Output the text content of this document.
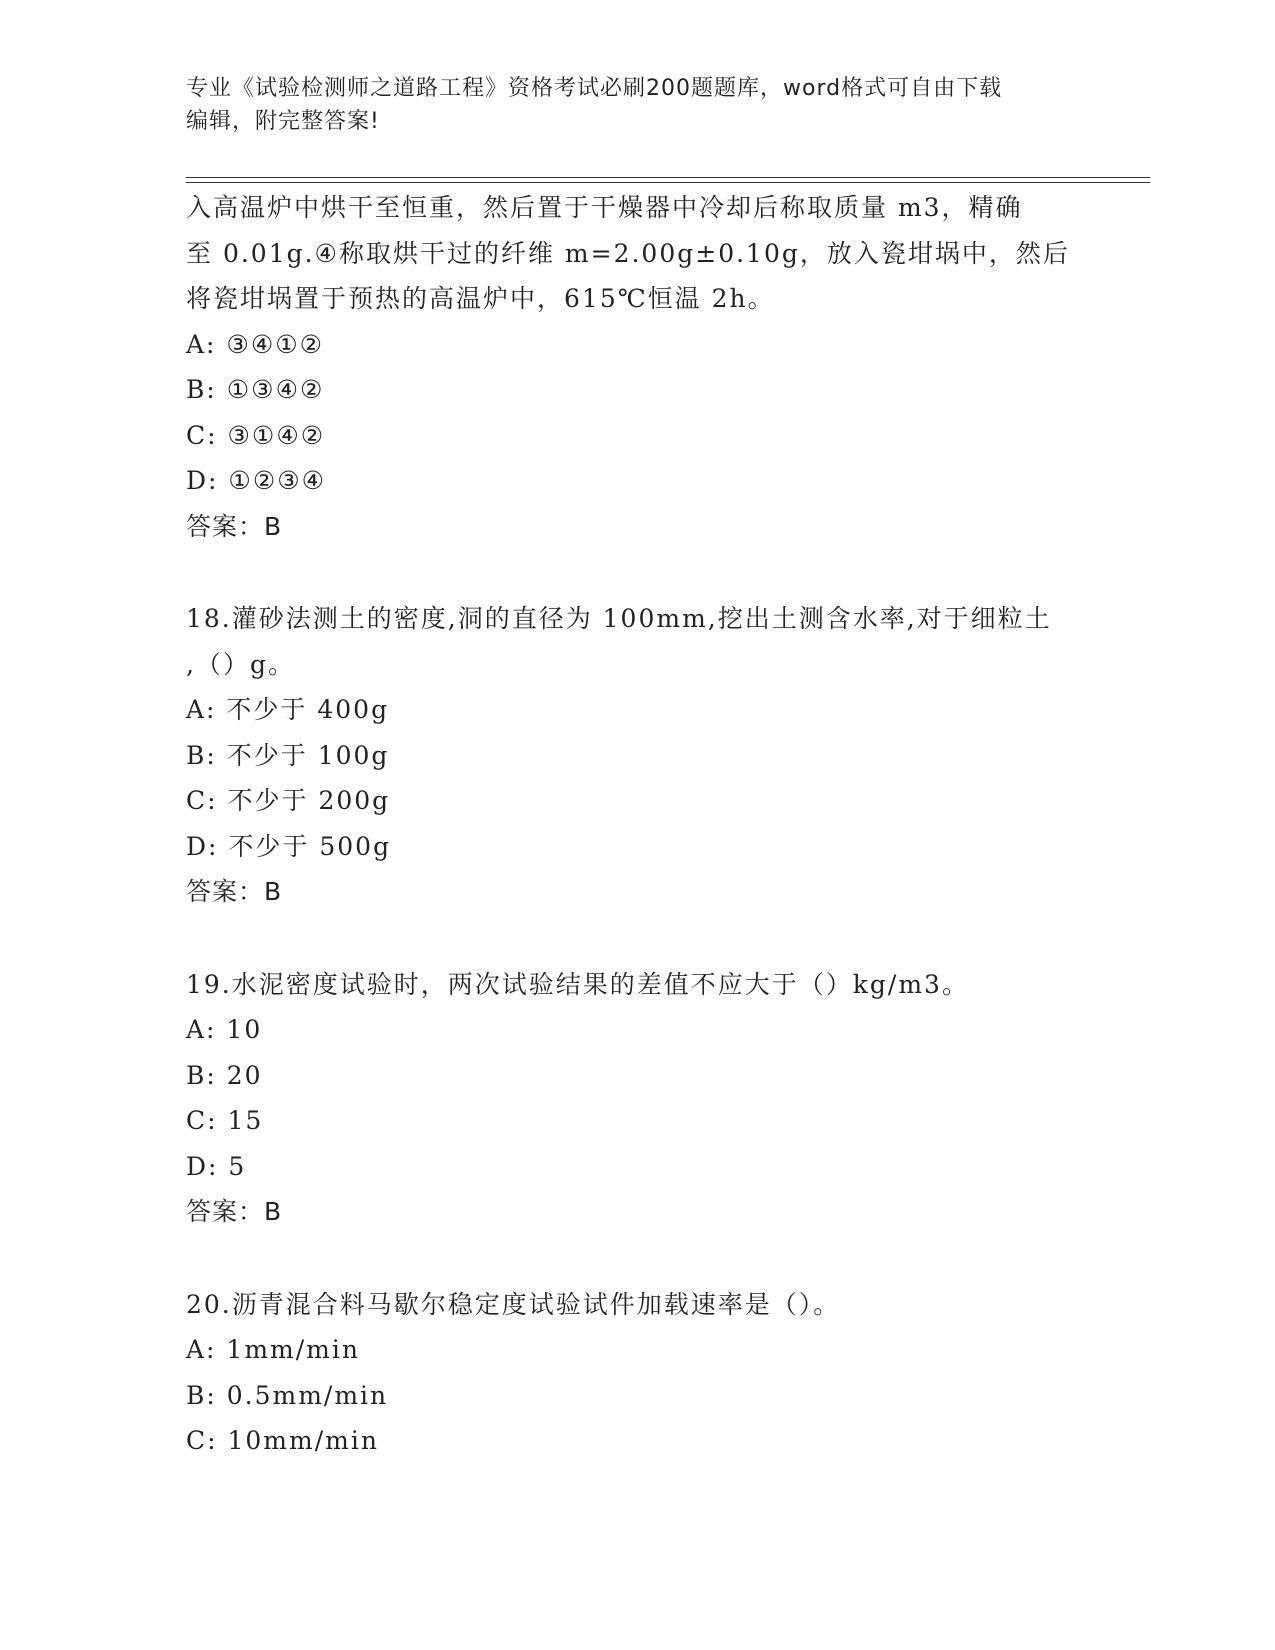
专业《试验检测师之道路工程》资格考试必刷200题题库，word格式可自由下载
编辑，附完整答案!
入高温炉中烘干至恒重，然后置于干燥器中冷却后称取质量 m3，精确
至 0.01g.④称取烘干过的纤维 m=2.00g±0.10g，放入瓷坩埚中，然后
将瓷坩埚置于预热的高温炉中，615℃恒温 2h。
A: ③④①②
B: ①③④②
C: ③①④②
D: ①②③④
答案：B
18.灌砂法测土的密度,洞的直径为 100mm,挖出土测含水率,对于细粒土
,（）g。
A: 不少于 400g
B: 不少于 100g
C: 不少于 200g
D: 不少于 500g
答案：B
19.水泥密度试验时，两次试验结果的差值不应大于（）kg/m3。
A: 10
B: 20
C: 15
D: 5
答案：B
20.沥青混合料马歇尔稳定度试验试件加载速率是（）。
A: 1mm/min
B: 0.5mm/min
C: 10mm/min
